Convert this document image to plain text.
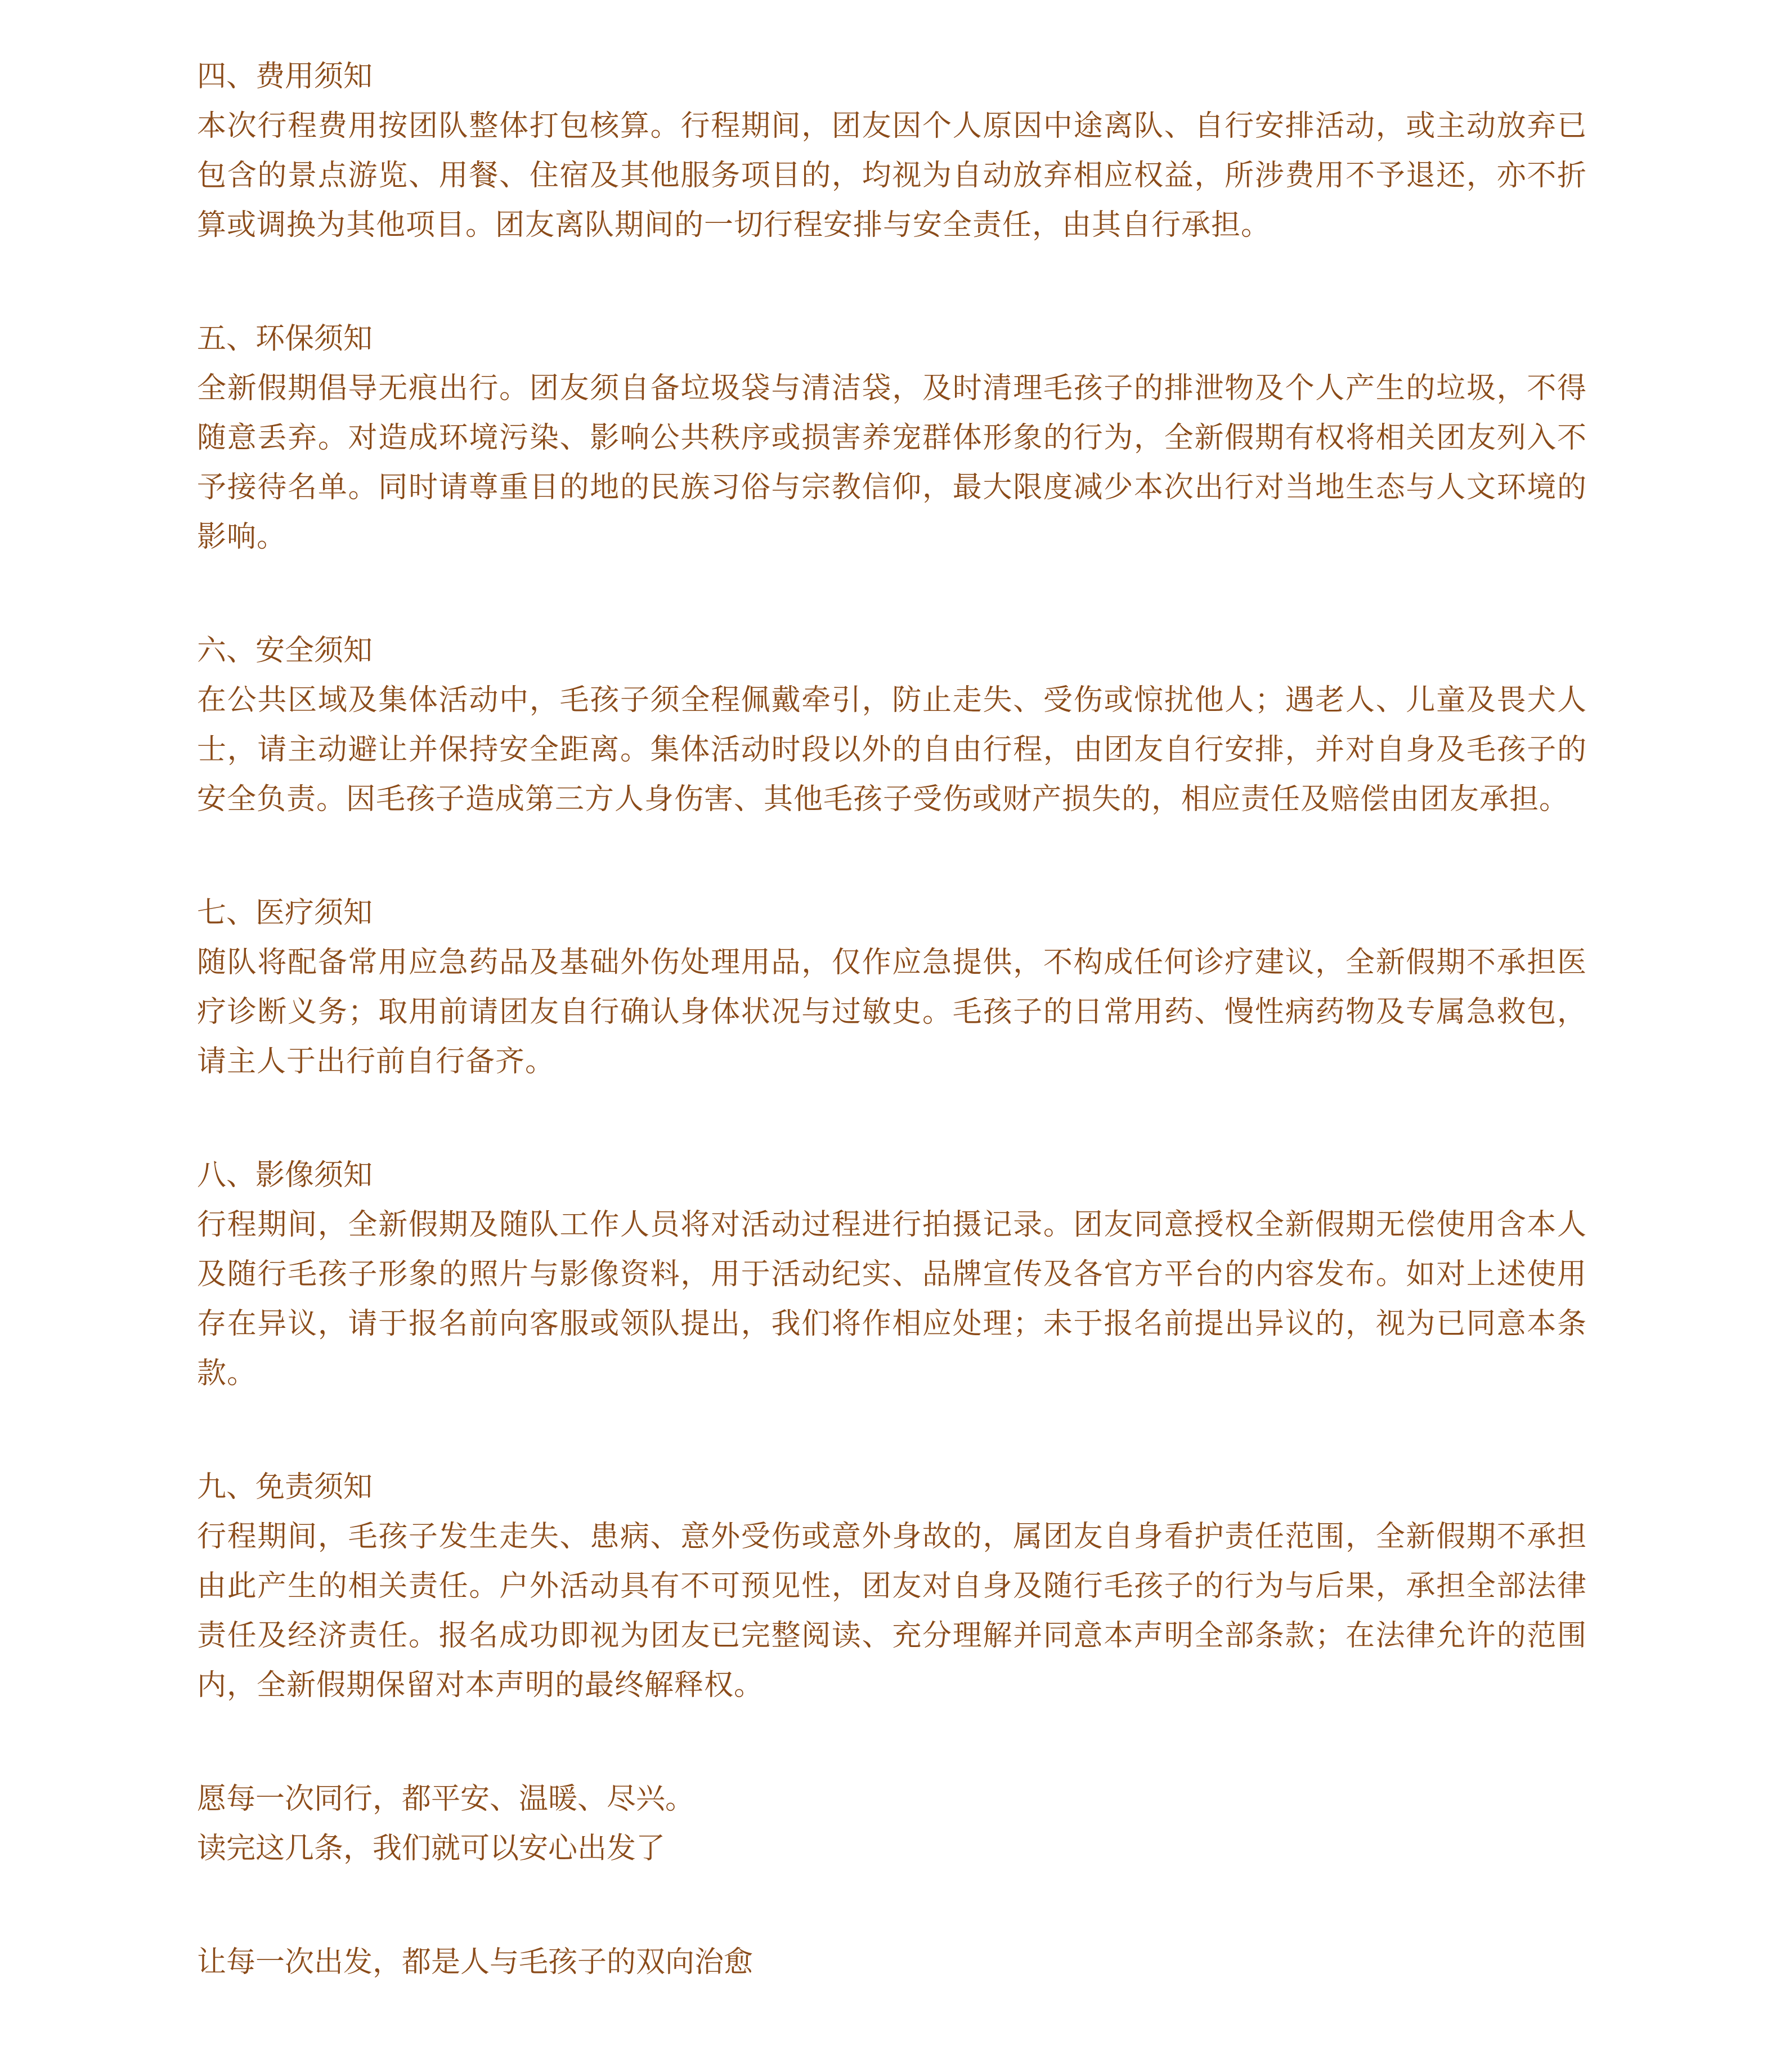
四、费用须知

本次行程费用按团队整体打包核算。行程期间，团友因个人原因中途离队、自行安排活动，或主动放弃已包含的景点游览、用餐、住宿及其他服务项目的，均视为自动放弃相应权益，所涉费用不予退还，亦不折算或调换为其他项目。团友离队期间的一切行程安排与安全责任，由其自行承担。

五、环保须知

全新假期倡导无痕出行。团友须自备垃圾袋与清洁袋，及时清理毛孩子的排泄物及个人产生的垃圾，不得随意丢弃。对造成环境污染、影响公共秩序或损害养宠群体形象的行为，全新假期有权将相关团友列入不予接待名单。同时请尊重目的地的民族习俗与宗教信仰，最大限度减少本次出行对当地生态与人文环境的影响。

六、安全须知

在公共区域及集体活动中，毛孩子须全程佩戴牵引，防止走失、受伤或惊扰他人；遇老人、儿童及畏犬人士，请主动避让并保持安全距离。集体活动时段以外的自由行程，由团友自行安排，并对自身及毛孩子的安全负责。因毛孩子造成第三方人身伤害、其他毛孩子受伤或财产损失的，相应责任及赔偿由团友承担。

七、医疗须知

随队将配备常用应急药品及基础外伤处理用品，仅作应急提供，不构成任何诊疗建议，全新假期不承担医疗诊断义务；取用前请团友自行确认身体状况与过敏史。毛孩子的日常用药、慢性病药物及专属急救包，请主人于出行前自行备齐。

八、影像须知

行程期间，全新假期及随队工作人员将对活动过程进行拍摄记录。团友同意授权全新假期无偿使用含本人及随行毛孩子形象的照片与影像资料，用于活动纪实、品牌宣传及各官方平台的内容发布。如对上述使用存在异议，请于报名前向客服或领队提出，我们将作相应处理；未于报名前提出异议的，视为已同意本条款。

九、免责须知

行程期间，毛孩子发生走失、患病、意外受伤或意外身故的，属团友自身看护责任范围，全新假期不承担由此产生的相关责任。户外活动具有不可预见性，团友对自身及随行毛孩子的行为与后果，承担全部法律责任及经济责任。报名成功即视为团友已完整阅读、充分理解并同意本声明全部条款；在法律允许的范围内，全新假期保留对本声明的最终解释权。

愿每一次同行，都平安、温暖、尽兴。

读完这几条，我们就可以安心出发了

让每一次出发，都是人与毛孩子的双向治愈
